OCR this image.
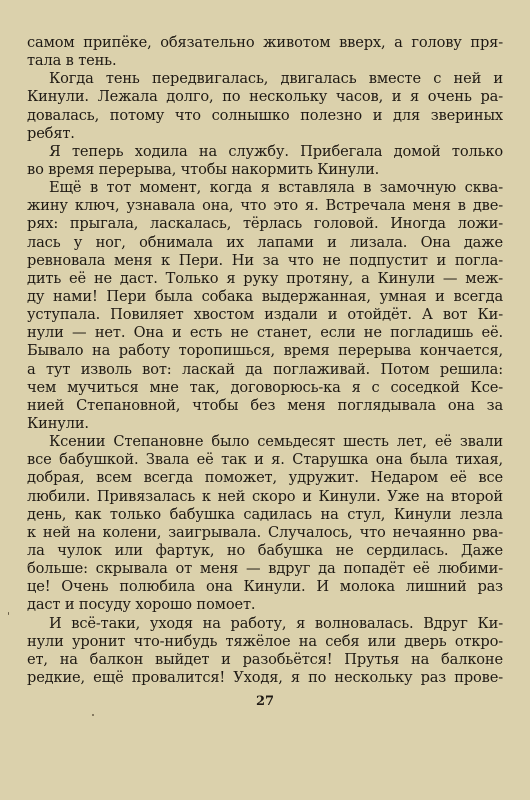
самом припёке, обязательно животом вверх, а голову пря-
тала в тень.
Когда тень передвигалась, двигалась вместе с ней и
Кинули. Лежала долго, по нескольку часов, и я очень ра-
довалась, потому что солнышко полезно и для звериных
ребят.
Я теперь ходила на службу. Прибегала домой только
во время перерыва, чтобы накормить Кинули.
Ещё в тот момент, когда я вставляла в замочную сква-
жину ключ, узнавала она, что это я. Встречала меня в две-
рях: прыгала, ласкалась, тёрлась головой. Иногда ложи-
лась у ног, обнимала их лапами и лизала. Она даже
ревновала меня к Пери. Ни за что не подпустит и поглa-
дить её не даст. Только я руку протяну, а Кинули — меж-
ду нами! Пери была собака выдержанная, умная и всегда
уступала. Повиляет хвостом издали и отойдёт. А вот Ки-
нули — нет. Она и есть не станет, если не погладишь её.
Бывало на работу торопишься, время перерыва кончается,
а тут изволь вот: ласкай да поглаживай. Потом решила:
чем мучиться мне так, договорюсь-ка я с соседкой Ксе-
нией Степановной, чтобы без меня поглядывала она за
Кинули.
Ксении Степановне было семьдесят шесть лет, её звали
все бабушкой. Звала её так и я. Старушка она была тихая,
добрая, всем всегда поможет, удружит. Недаром её все
любили. Привязалась к ней скоро и Кинули. Уже на второй
день, как только бабушка садилась на стул, Кинули лезла
к ней на колени, заигрывала. Случалось, что нечаянно рва-
ла чулок или фартук, но бабушка не сердилась. Даже
больше: скрывала от меня — вдруг да попадёт её любими-
це! Очень полюбила она Кинули. И молока лишний раз
даст и посуду хорошо помоет.
И всё-таки, уходя на работу, я волновалась. Вдруг Ки-
нули уронит что-нибудь тяжёлое на себя или дверь откро-
ет, на балкон выйдет и разобьётся! Прутья на балконе
редкие, ещё провалится! Уходя, я по нескольку раз прове-
27
